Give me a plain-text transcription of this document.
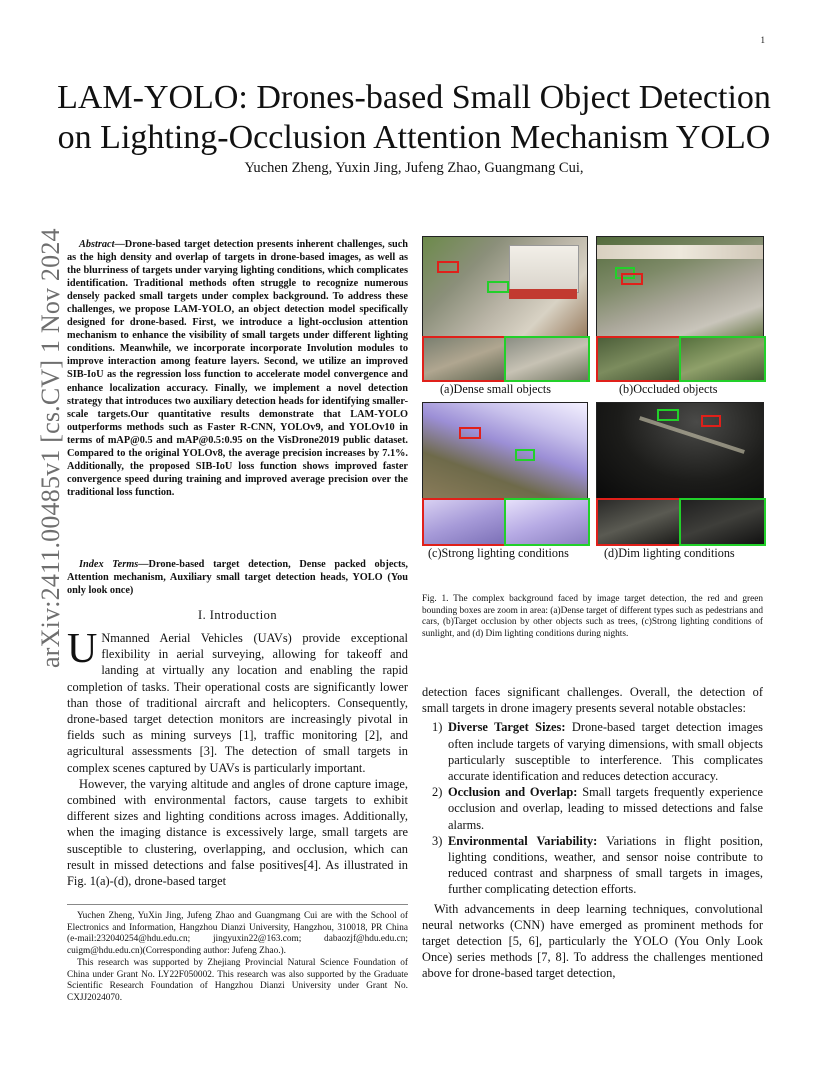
1
arXiv:2411.00485v1 [cs.CV] 1 Nov 2024
LAM-YOLO: Drones-based Small Object Detection
on Lighting-Occlusion Attention Mechanism YOLO
Yuchen Zheng, Yuxin Jing, Jufeng Zhao, Guangmang Cui,

Abstract—Drone-based target detection presents inherent challenges, such as the high density and overlap of targets in drone-based images, as well as the blurriness of targets under varying lighting conditions, which complicates identification. Traditional methods often struggle to recognize numerous densely packed small targets under complex background. To address these challenges, we propose LAM-YOLO, an object detection model specifically designed for drone-based. First, we introduce a light-occlusion attention mechanism to enhance the visibility of small targets under different lighting conditions. Meanwhile, we incorporate incorporate Involution modules to improve interaction among feature layers. Second, we utilize an improved SIB-IoU as the regression loss function to accelerate model convergence and enhance localization accuracy. Finally, we implement a novel detection strategy that introduces two auxiliary detection heads for identifying smaller-scale targets.Our quantitative results demonstrate that LAM-YOLO outperforms methods such as Faster R-CNN, YOLOv9, and YOLOv10 in terms of mAP@0.5 and mAP@0.5:0.95 on the VisDrone2019 public dataset. Compared to the original YOLOv8, the average precision increases by 7.1%. Additionally, the proposed SIB-IoU loss function shows improved faster convergence speed during training and improved average precision over the traditional loss function.

Index Terms—Drone-based target detection, Dense packed objects, Attention mechanism, Auxiliary small target detection heads, YOLO (You only look once)

I. Introduction

U Nmanned Aerial Vehicles (UAVs) provide exceptional flexibility in aerial surveying, allowing for takeoff and landing at virtually any location and enabling the rapid completion of tasks. Their operational costs are significantly lower than those of traditional aircraft and helicopters. Consequently, drone-based target detection monitors are increasingly pivotal in fields such as mining surveys [1], traffic monitoring [2], and agricultural assessments [3]. The detection of small targets in complex scenes captured by UAVs is particularly important.

However, the varying altitude and angles of drone capture image, combined with environmental factors, cause targets to exhibit different sizes and lighting conditions across images. Additionally, when the imaging distance is excessively large, small targets are susceptible to clustering, overlapping, and occlusion, which can result in missed detections and false positives[4]. As illustrated in Fig. 1(a)-(d), drone-based target

Yuchen Zheng, YuXin Jing, Jufeng Zhao and Guangmang Cui are with the School of Electronics and Information, Hangzhou Dianzi University, Hangzhou, 310018, PR China (e-mail:232040254@hdu.edu.cn; jingyuxin22@163.com; dabaozjf@hdu.edu.cn; cuigm@hdu.edu.cn)(Corresponding author: Jufeng Zhao.).

This research was supported by Zhejiang Provincial Natural Science Foundation of China under Grant No. LY22F050002. This research was also supported by the Graduate Scientific Research Foundation of Hangzhou Dianzi University under Grant No. CXJJ2024070.

(a)Dense small objects	(b)Occluded objects
(c)Strong lighting conditions	(d)Dim lighting conditions
Fig. 1. The complex background faced by image target detection, the red and green bounding boxes are zoom in area: (a)Dense target of different types such as pedestrians and cars, (b)Target occlusion by other objects such as trees, (c)Strong lighting conditions of sunlight, and (d) Dim lighting conditions during nights.

detection faces significant challenges. Overall, the detection of small targets in drone imagery presents several notable obstacles:

1) Diverse Target Sizes: Drone-based target detection images often include targets of varying dimensions, with small objects particularly susceptible to interference. This complicates accurate identification and reduces detection accuracy.
2) Occlusion and Overlap: Small targets frequently experience occlusion and overlap, leading to missed detections and false alarms.
3) Environmental Variability: Variations in flight position, lighting conditions, weather, and sensor noise contribute to reduced contrast and sharpness of small targets in images, further complicating detection efforts.

With advancements in deep learning techniques, convolutional neural networks (CNN) have emerged as prominent methods for target detection [5, 6], particularly the YOLO (You Only Look Once) series methods [7, 8]. To address the challenges mentioned above for drone-based target detection,
